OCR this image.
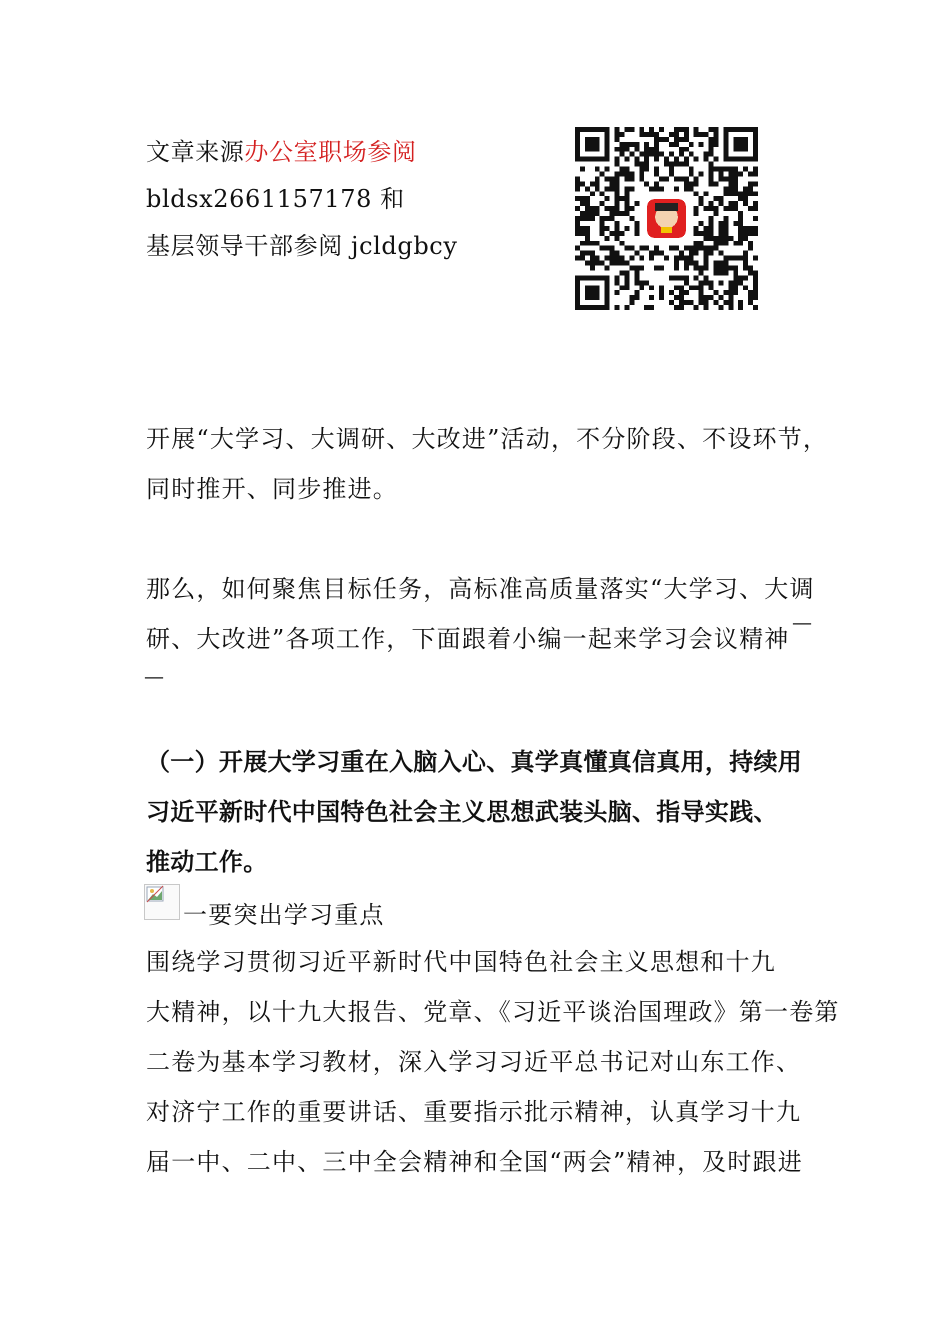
文章来源办公室职场参阅
bldsx2661157178 和
基层领导干部参阅 jcldgbcy
开展“大学习、大调研、大改进”活动，不分阶段、不设环节，
同时推开、同步推进。
那么，如何聚焦目标任务，高标准高质量落实“大学习、大调
研、大改进”各项工作，下面跟着小编一起来学习会议精神
—
—
（一）开展大学习重在入脑入心、真学真懂真信真用，持续用
习近平新时代中国特色社会主义思想武装头脑、指导实践、
推动工作。
一要突出学习重点
围绕学习贯彻习近平新时代中国特色社会主义思想和十九
大精神，以十九大报告、党章、《习近平谈治国理政》第一卷第
二卷为基本学习教材，深入学习习近平总书记对山东工作、
对济宁工作的重要讲话、重要指示批示精神，认真学习十九
届一中、二中、三中全会精神和全国“两会”精神，及时跟进
